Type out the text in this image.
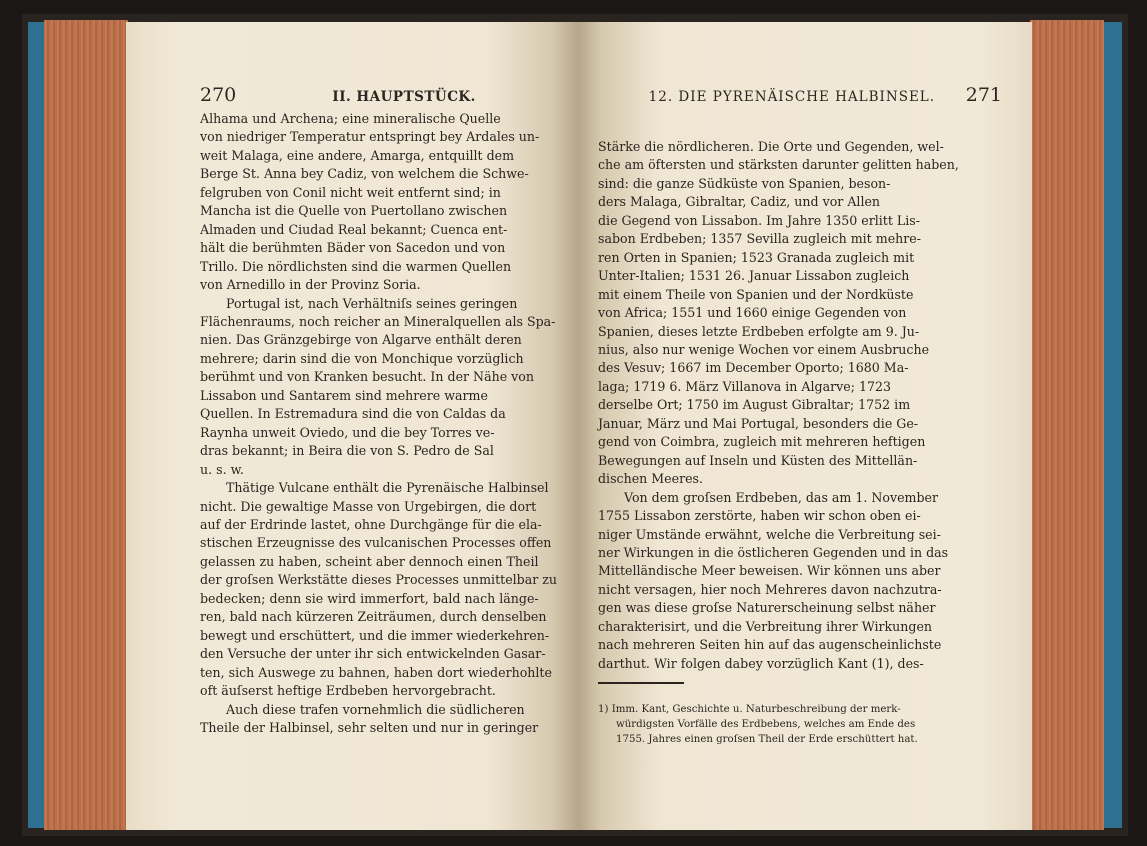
270	II. HAUPTSTÜCK.
Alhama und Archena; eine mineralische Quelle
von niedriger Temperatur entspringt bey Ardales un-
weit Malaga, eine andere, Amarga, entquillt dem
Berge St. Anna bey Cadiz, von welchem die Schwe-
felgruben von Conil nicht weit entfernt sind; in
Mancha ist die Quelle von Puertollano zwischen
Almaden und Ciudad Real bekannt; Cuenca ent-
hält die berühmten Bäder von Sacedon und von
Trillo. Die nördlichsten sind die warmen Quellen
von Arnedillo in der Provinz Soria.
Portugal ist, nach Verhältniſs seines geringen
Flächenraums, noch reicher an Mineralquellen als Spa-
nien. Das Gränzgebirge von Algarve enthält deren
mehrere; darin sind die von Monchique vorzüglich
berühmt und von Kranken besucht. In der Nähe von
Lissabon und Santarem sind mehrere warme
Quellen. In Estremadura sind die von Caldas da
Raynha unweit Oviedo, und die bey Torres ve-
dras bekannt; in Beira die von S. Pedro de Sal
u. s. w.
Thätige Vulcane enthält die Pyrenäische Halbinsel
nicht. Die gewaltige Masse von Urgebirgen, die dort
auf der Erdrinde lastet, ohne Durchgänge für die ela-
stischen Erzeugnisse des vulcanischen Processes offen
gelassen zu haben, scheint aber dennoch einen Theil
der groſsen Werkstätte dieses Processes unmittelbar zu
bedecken; denn sie wird immerfort, bald nach länge-
ren, bald nach kürzeren Zeiträumen, durch denselben
bewegt und erschüttert, und die immer wiederkehren-
den Versuche der unter ihr sich entwickelnden Gasar-
ten, sich Auswege zu bahnen, haben dort wiederhohlte
oft äuſserst heftige Erdbeben hervorgebracht.
Auch diese trafen vornehmlich die südlicheren
Theile der Halbinsel, sehr selten und nur in geringer
12. DIE PYRENÄISCHE HALBINSEL. 271
Stärke die nördlicheren. Die Orte und Gegenden, wel-
che am öftersten und stärksten darunter gelitten haben,
sind: die ganze Südküste von Spanien, beson-
ders Malaga, Gibraltar, Cadiz, und vor Allen
die Gegend von Lissabon. Im Jahre 1350 erlitt Lis-
sabon Erdbeben; 1357 Sevilla zugleich mit mehre-
ren Orten in Spanien; 1523 Granada zugleich mit
Unter-Italien; 1531 26. Januar Lissabon zugleich
mit einem Theile von Spanien und der Nordküste
von Africa; 1551 und 1660 einige Gegenden von
Spanien, dieses letzte Erdbeben erfolgte am 9. Ju-
nius, also nur wenige Wochen vor einem Ausbruche
des Vesuv; 1667 im December Oporto; 1680 Ma-
laga; 1719 6. März Villanova in Algarve; 1723
derselbe Ort; 1750 im August Gibraltar; 1752 im
Januar, März und Mai Portugal, besonders die Ge-
gend von Coimbra, zugleich mit mehreren heftigen
Bewegungen auf Inseln und Küsten des Mittellän-
dischen Meeres.
Von dem groſsen Erdbeben, das am 1. November
1755 Lissabon zerstörte, haben wir schon oben ei-
niger Umstände erwähnt, welche die Verbreitung sei-
ner Wirkungen in die östlicheren Gegenden und in das
Mittelländische Meer beweisen. Wir können uns aber
nicht versagen, hier noch Mehreres davon nachzutra-
gen was diese groſse Naturerscheinung selbst näher
charakterisirt, und die Verbreitung ihrer Wirkungen
nach mehreren Seiten hin auf das augenscheinlichste
darthut. Wir folgen dabey vorzüglich Kant (1), des-
1) Imm. Kant, Geschichte u. Naturbeschreibung der merk-
würdigsten Vorfälle des Erdbebens, welches am Ende des
1755. Jahres einen groſsen Theil der Erde erschüttert hat.
